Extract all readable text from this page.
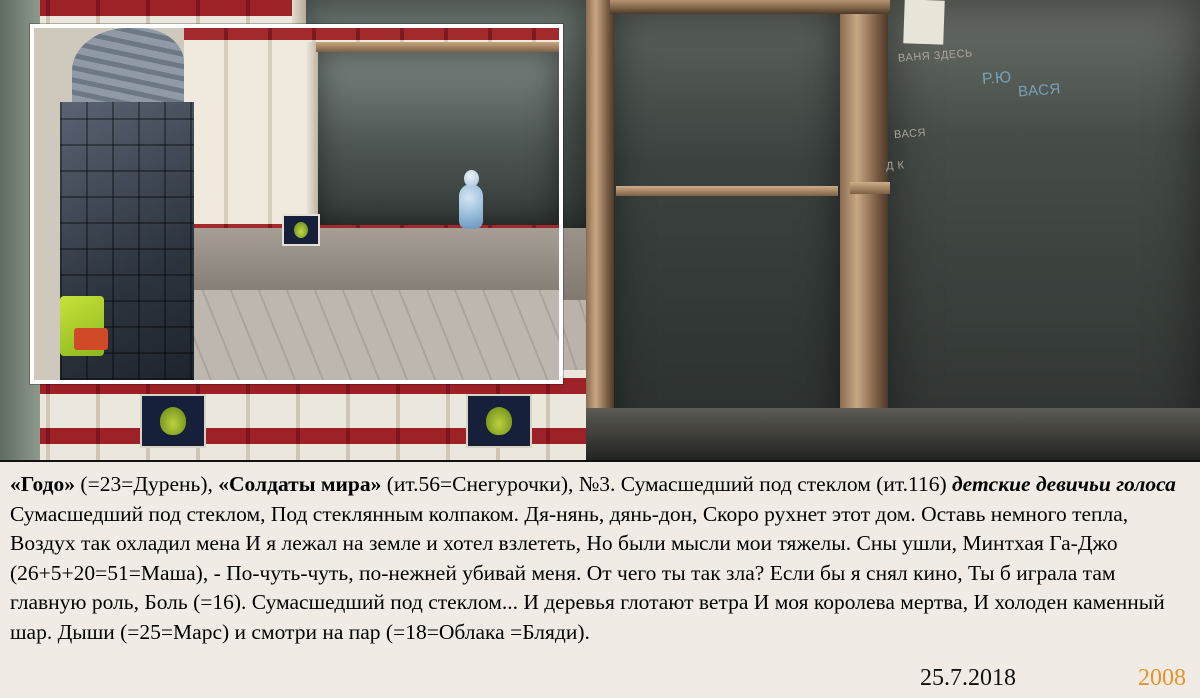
ВАНЯ ЗДЕСЬ
ВАСЯ
Д К
Р.Ю
ВАСЯ
«Годо» (=23=Дурень), «Солдаты мира» (ит.56=Снегурочки), №3. Сумасшедший под стеклом (ит.116) детские девичьи голоса Сумасшедший под стеклом, Под стеклянным колпаком. Дя-нянь, дянь-дон, Скоро рухнет этот дом. Оставь немного тепла, Воздух так охладил мена И я лежал на земле и хотел взлететь, Но были мысли мои тяжелы. Сны ушли, Минтхая Га-Джо (26+5+20=51=Маша), - По-чуть-чуть, по-нежней убивай меня. От чего ты так зла? Если бы я снял кино, Ты б играла там главную роль, Боль (=16). Сумасшедший под стеклом... И деревья глотают ветра И моя королева мертва, И холоден каменный шар. Дыши (=25=Марс) и смотри на пар (=18=Облака =Бляди).
25.7.2018	2008
